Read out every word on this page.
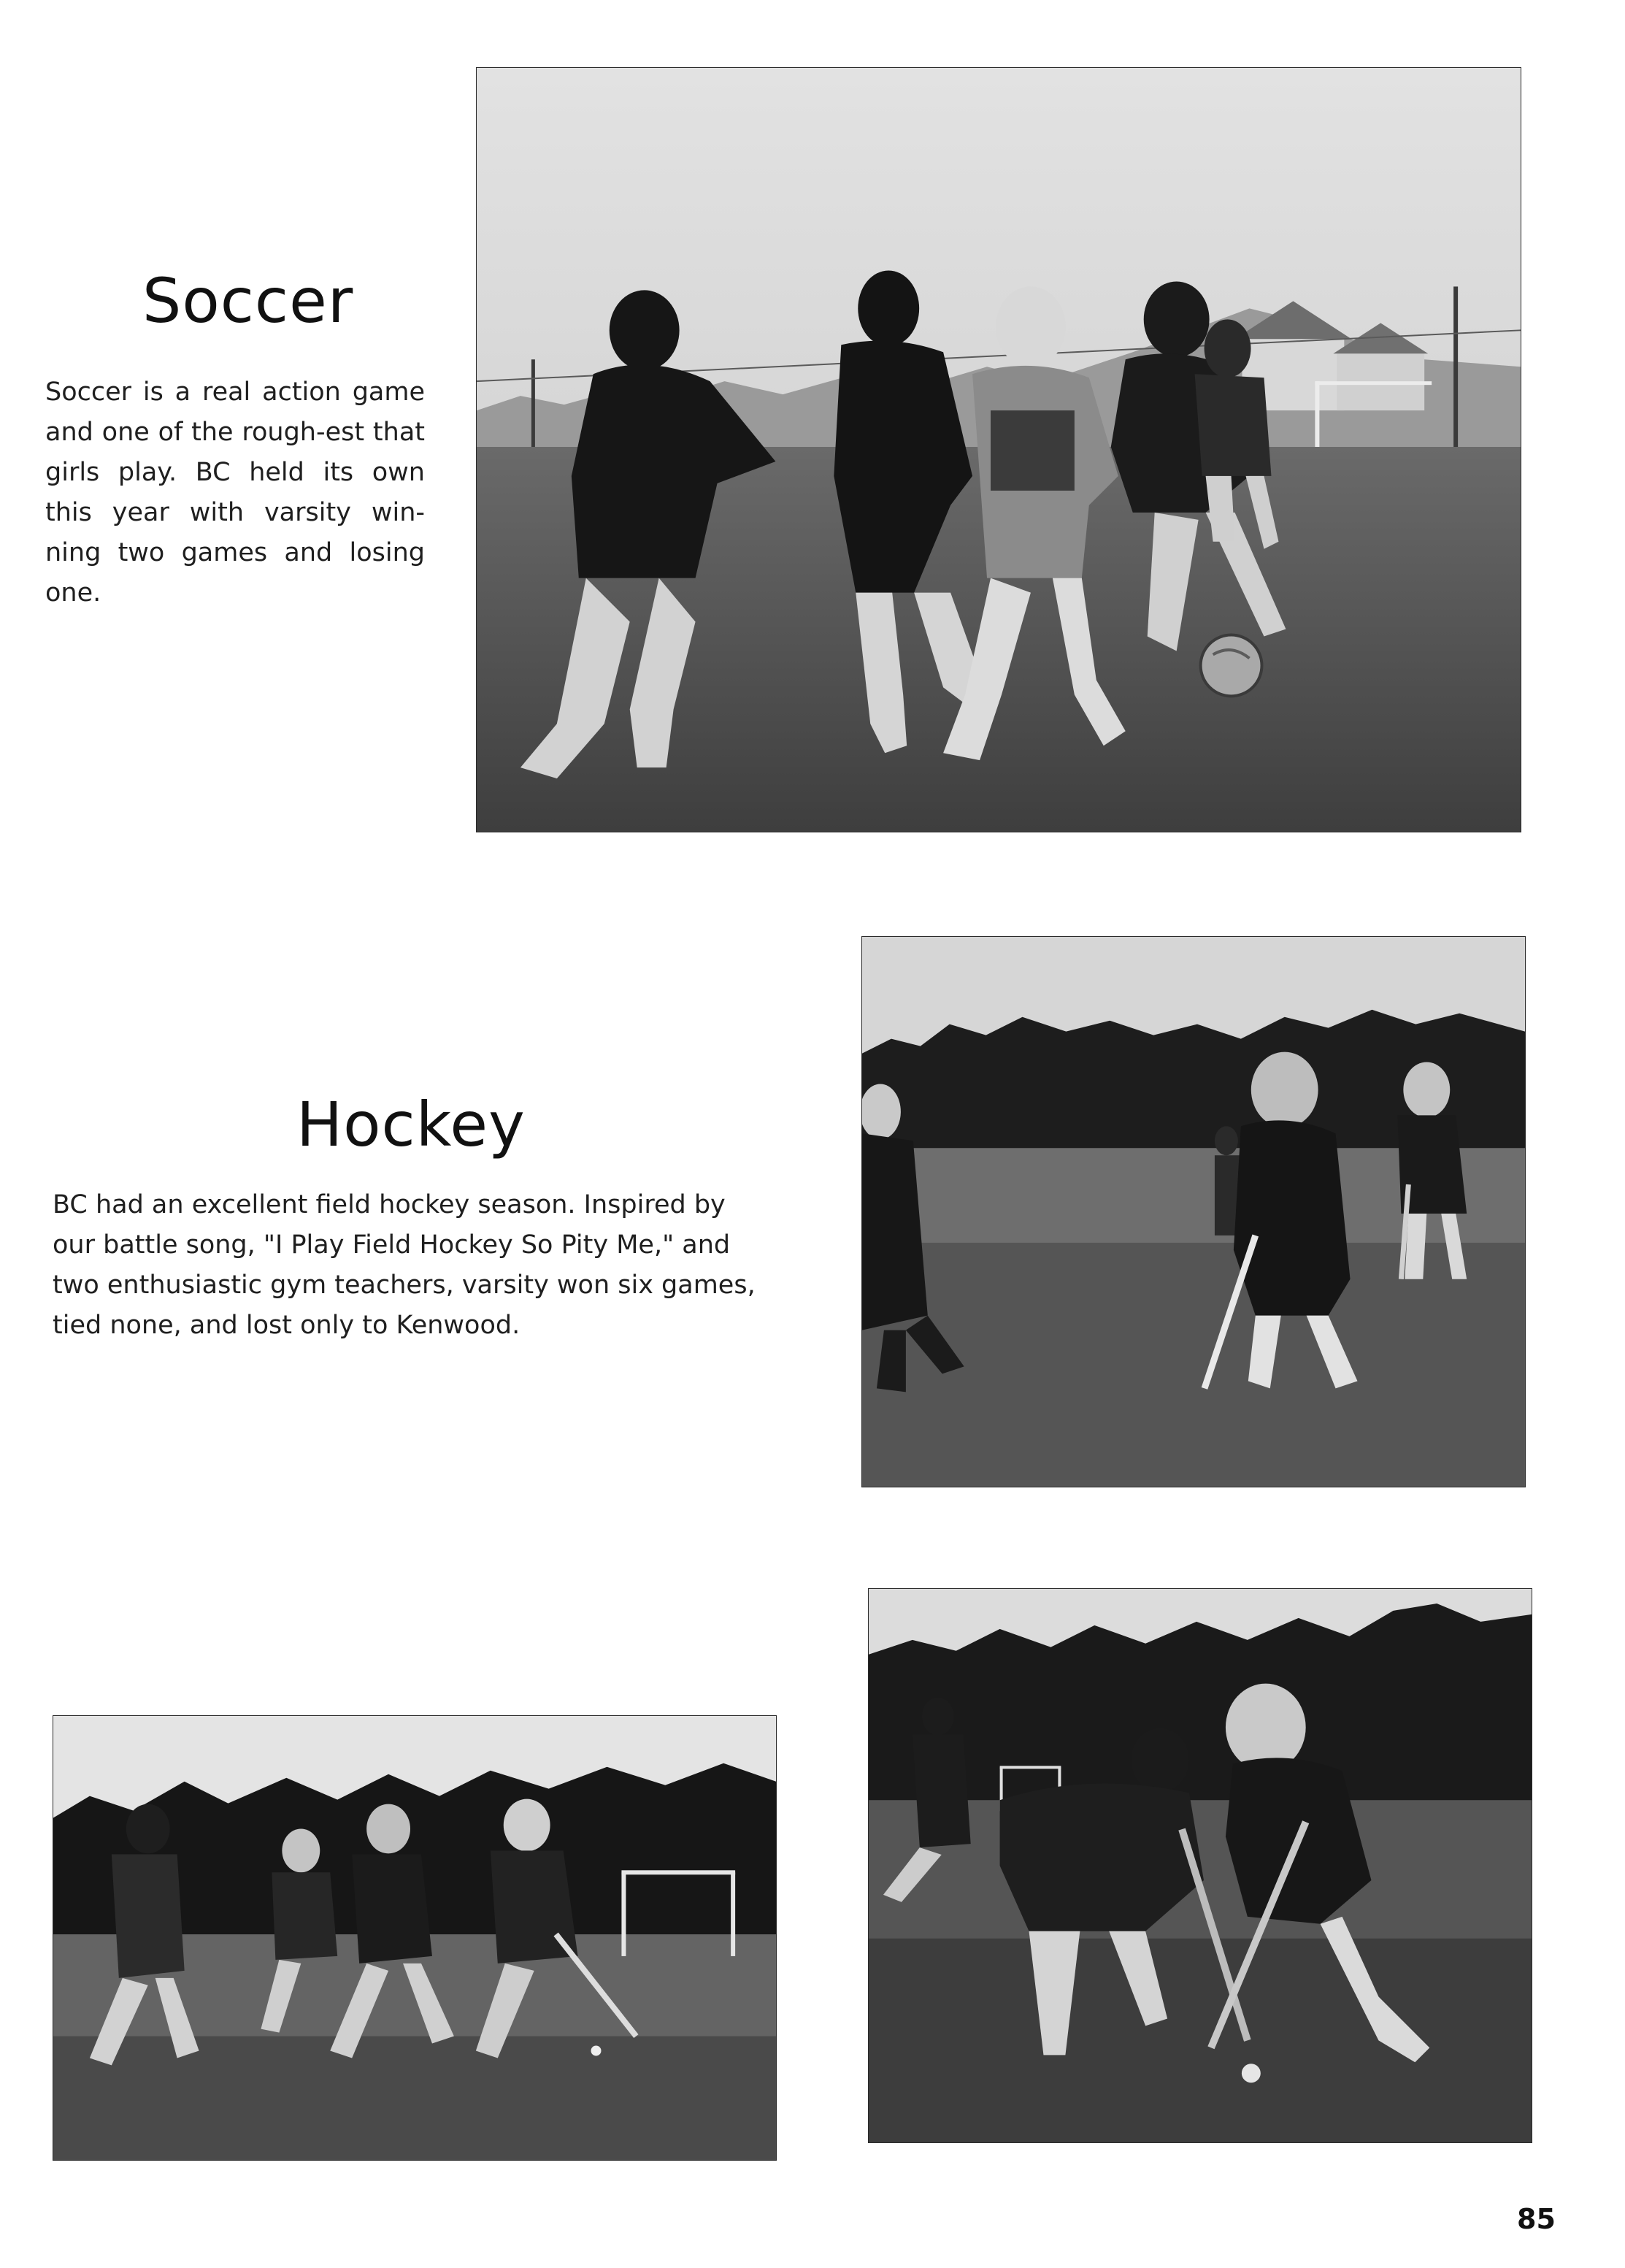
Soccer

Soccer is a real action game and one of the rough-est that girls play. BC held its own this year with varsity win-ning two games and losing one.

Hockey

BC had an excellent field hockey season. Inspired by our battle song, "I Play Field Hockey So Pity Me," and two enthusiastic gym teachers, varsity won six games, tied none, and lost only to Kenwood.

85
